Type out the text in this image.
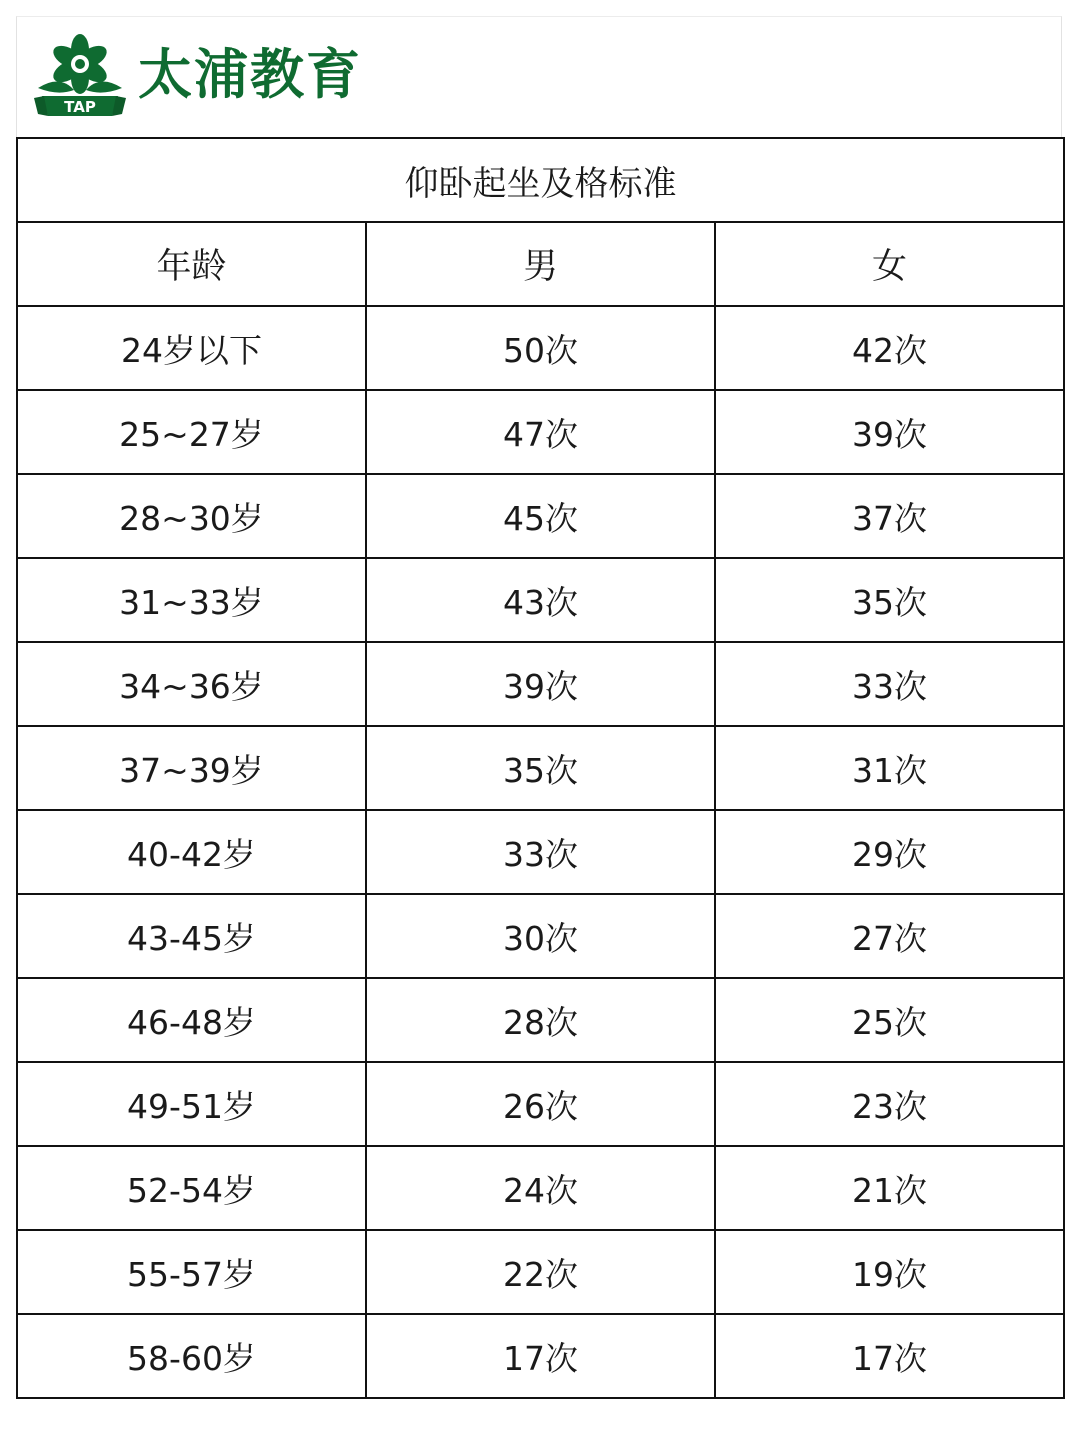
TAP
太浦教育
仰卧起坐及格标准		
年龄	男	女
24岁以下	50次	42次
25~27岁	47次	39次
28~30岁	45次	37次
31~33岁	43次	35次
34~36岁	39次	33次
37~39岁	35次	31次
40-42岁	33次	29次
43-45岁	30次	27次
46-48岁	28次	25次
49-51岁	26次	23次
52-54岁	24次	21次
55-57岁	22次	19次
58-60岁	17次	17次
